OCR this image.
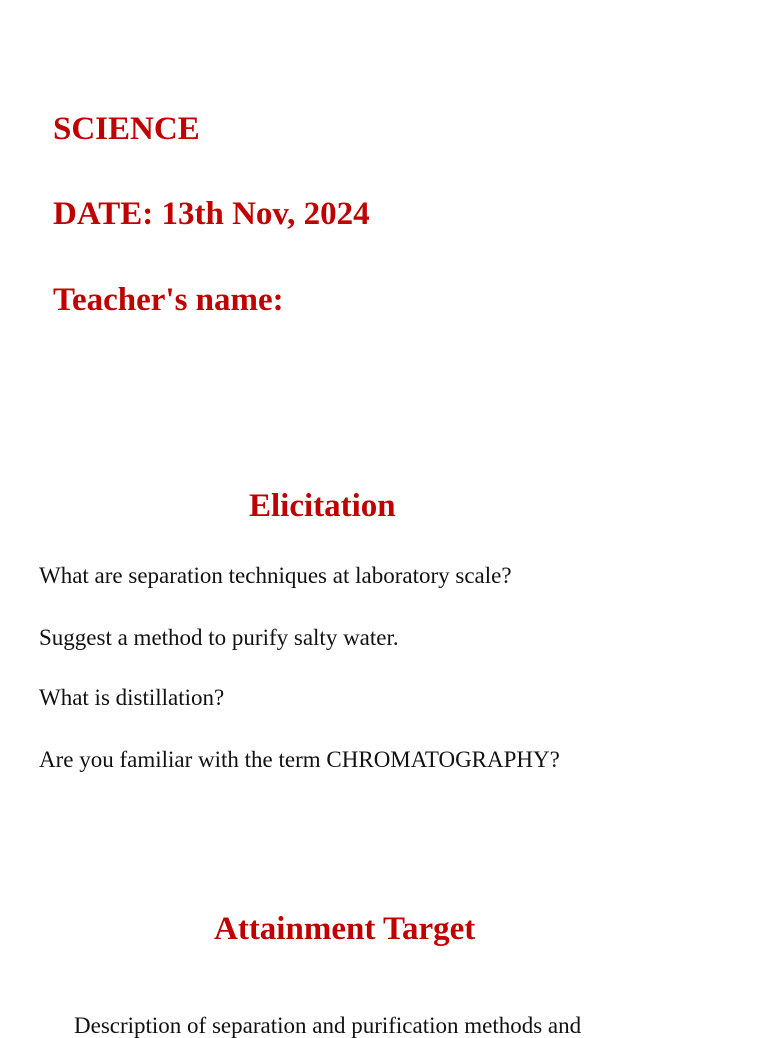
SCIENCE
DATE: 13th Nov, 2024
Teacher's name:
Elicitation

What are separation techniques at laboratory scale?

Suggest a method to purify salty water.

What is distillation?

Are you familiar with the term CHROMATOGRAPHY?

Attainment Target

Description of separation and purification methods and
